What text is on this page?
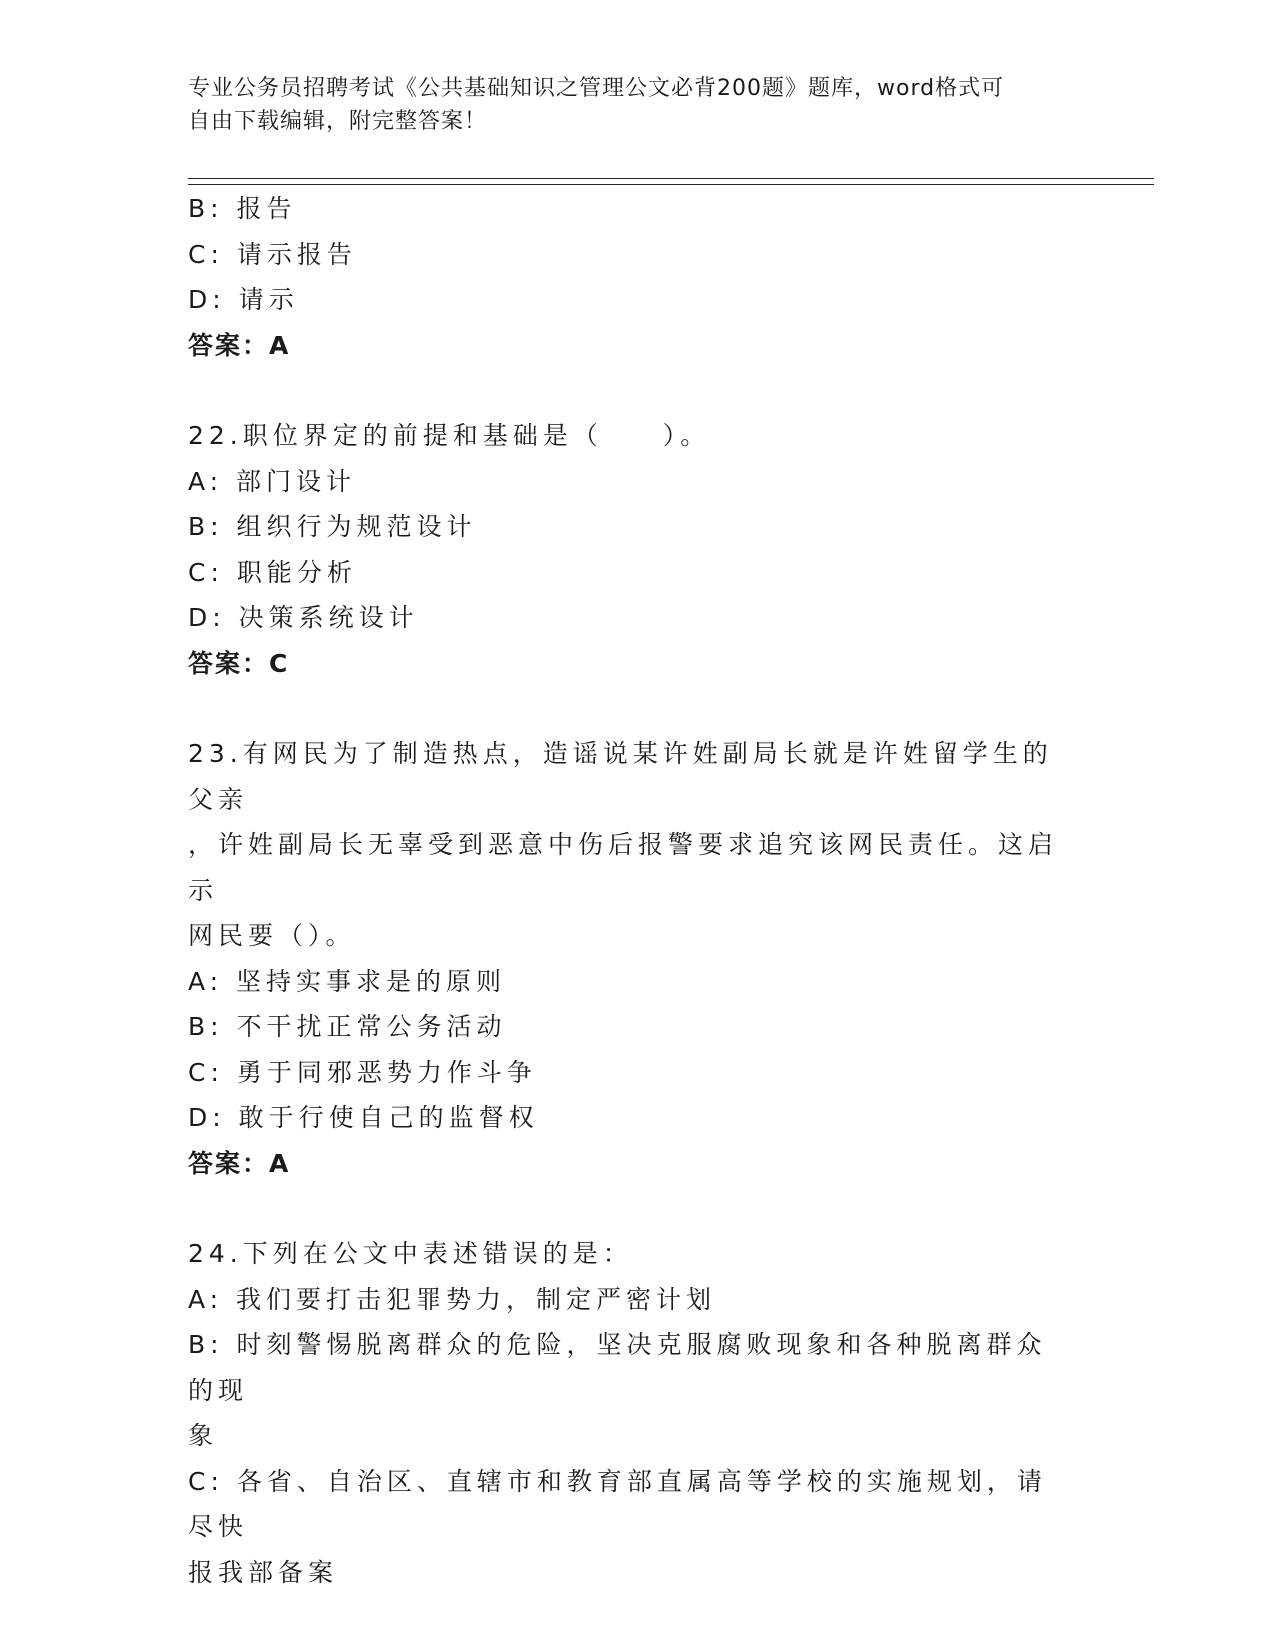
专业公务员招聘考试《公共基础知识之管理公文必背200题》题库，word格式可
自由下载编辑，附完整答案！

B: 报告

C: 请示报告

D: 请示

答案：A

22.职位界定的前提和基础是（　　）。

A: 部门设计

B: 组织行为规范设计

C: 职能分析

D: 决策系统设计

答案：C

23.有网民为了制造热点，造谣说某许姓副局长就是许姓留学生的父亲

，许姓副局长无辜受到恶意中伤后报警要求追究该网民责任。这启示

网民要（）。

A: 坚持实事求是的原则

B: 不干扰正常公务活动

C: 勇于同邪恶势力作斗争

D: 敢于行使自己的监督权

答案：A

24.下列在公文中表述错误的是：

A: 我们要打击犯罪势力，制定严密计划

B: 时刻警惕脱离群众的危险，坚决克服腐败现象和各种脱离群众的现

象

C: 各省、自治区、直辖市和教育部直属高等学校的实施规划，请尽快

报我部备案
